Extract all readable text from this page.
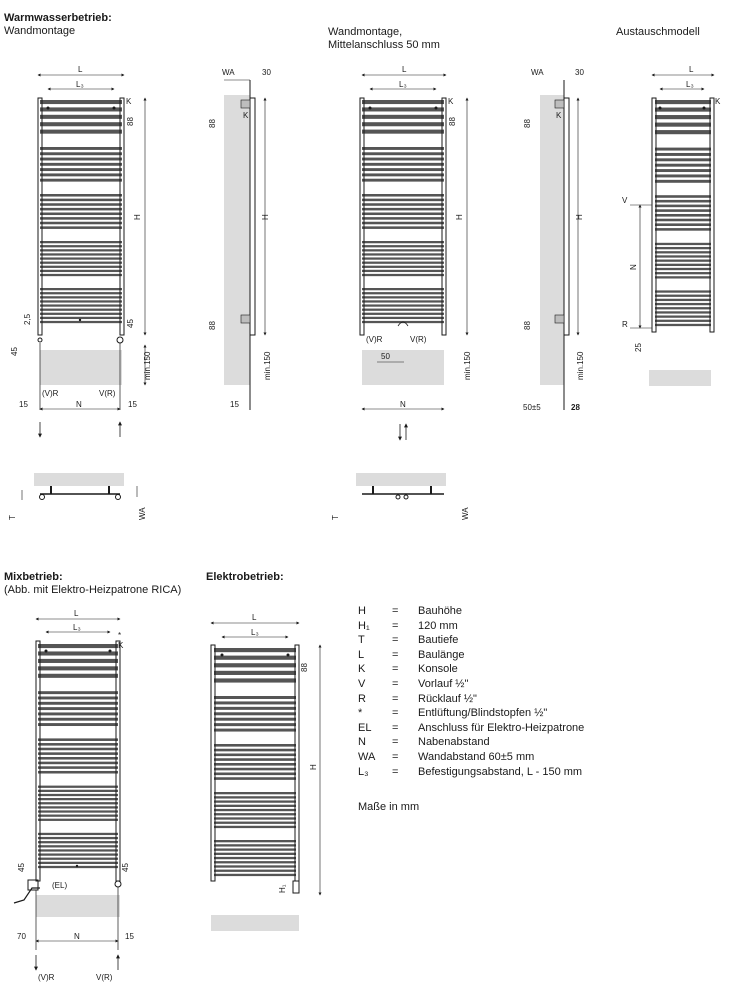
Warmwasserbetrieb:
Wandmontage	Wandmontage,
Mittelanschluss 50 mm
Austauschmodell
Mixbetrieb:
(Abb. mit Elektro-Heizpatrone RICA)
Elektrobetrieb:
L
L₃
K
H
88
45
min.150
2,5
45
(V)R	V(R)
N
15	15
T	WA
WA	30
K
88
88
H
min.150
15
L
L₃
K
H
88
min.150
(V)R	V(R)
50
N
T	WA
WA	30
K
88
88
H
min.150
50±5	28
L
L₃
K
V
R
N
25
L
L₃
*
K
45	45
(EL)
N
70	15
(V)R	V(R)
L
L₃
H
88
H₁
H = Bauhöhe
H₁ = 120 mm
T = Bautiefe
L	= Baulänge
K = Konsole
V = Vorlauf ½"
R = Rücklauf ½"
*	= Entlüftung/Blindstopfen ½"
EL = Anschluss für Elektro-Heizpatrone
N = Nabenabstand
WA = Wandabstand 60±5 mm
L₃ = Befestigungsabstand, L - 150 mm
Maße in mm
